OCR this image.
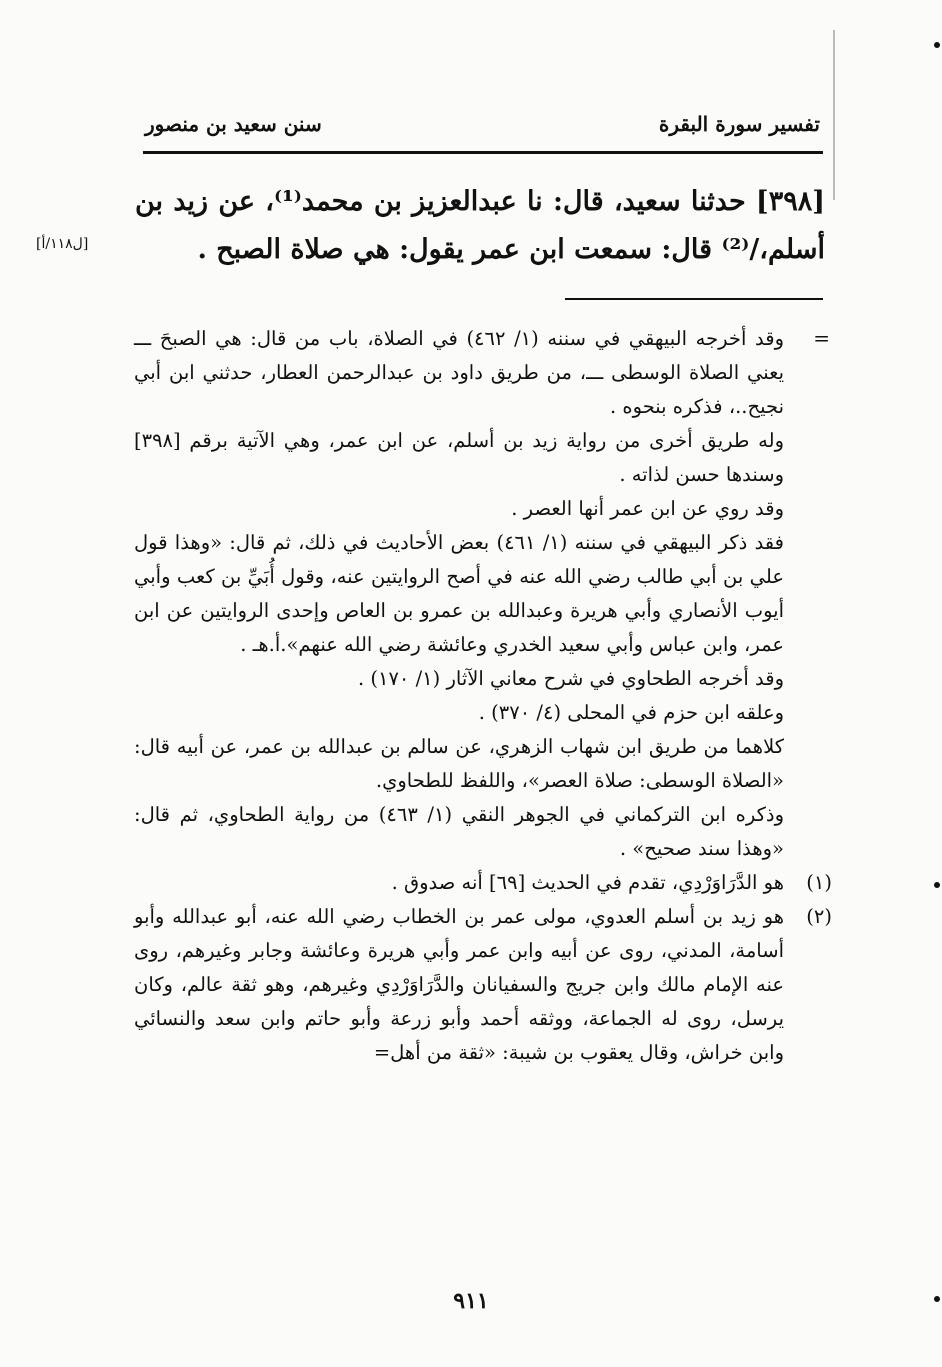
تفسير سورة البقرة
سنن سعيد بن منصور
[٣٩٨] حدثنا سعيد، قال: نا عبدالعزيز بن محمد⁽¹⁾، عن زيد بن أسلم،/⁽²⁾ قال: سمعت ابن عمر يقول: هي صلاة الصبح .
[ل١١٨/أ]
=

وقد أخرجه البيهقي في سننه (١/ ٤٦٢) في الصلاة، باب من قال: هي الصبحَ ـــ يعني الصلاة الوسطى ـــ، من طريق داود بن عبدالرحمن العطار، حدثني ابن أبي نجيح..، فذكره بنحوه .

وله طريق أخرى من رواية زيد بن أسلم، عن ابن عمر، وهي الآتية برقم [٣٩٨] وسندها حسن لذاته .

وقد روي عن ابن عمر أنها العصر .

فقد ذكر البيهقي في سننه (١/ ٤٦١) بعض الأحاديث في ذلك، ثم قال: «وهذا قول علي بن أبي طالب رضي الله عنه في أصح الروايتين عنه، وقول أُبَيِّ بن كعب وأبي أيوب الأنصاري وأبي هريرة وعبدالله بن عمرو بن العاص وإحدى الروايتين عن ابن عمر، وابن عباس وأبي سعيد الخدري وعائشة رضي الله عنهم».أ.هـ .

وقد أخرجه الطحاوي في شرح معاني الآثار (١/ ١٧٠) .

وعلقه ابن حزم في المحلى (٤/ ٣٧٠) .

كلاهما من طريق ابن شهاب الزهري، عن سالم بن عبدالله بن عمر، عن أبيه قال: «الصلاة الوسطى: صلاة العصر»، واللفظ للطحاوي.

وذكره ابن التركماني في الجوهر النقي (١/ ٤٦٣) من رواية الطحاوي، ثم قال: «وهذا سند صحيح» .

(١)
هو الدَّرَاوَرْدِي، تقدم في الحديث [٦٩] أنه صدوق .

(٢)
هو زيد بن أسلم العدوي، مولى عمر بن الخطاب رضي الله عنه، أبو عبدالله وأبو أسامة، المدني، روى عن أبيه وابن عمر وأبي هريرة وعائشة وجابر وغيرهم، روى عنه الإمام مالك وابن جريج والسفيانان والدَّرَاوَرْدِي وغيرهم، وهو ثقة عالم، وكان يرسل، روى له الجماعة، ووثقه أحمد وأبو زرعة وأبو حاتم وابن سعد والنسائي وابن خراش، وقال يعقوب بن شيبة: «ثقة من أهل=

٩١١
